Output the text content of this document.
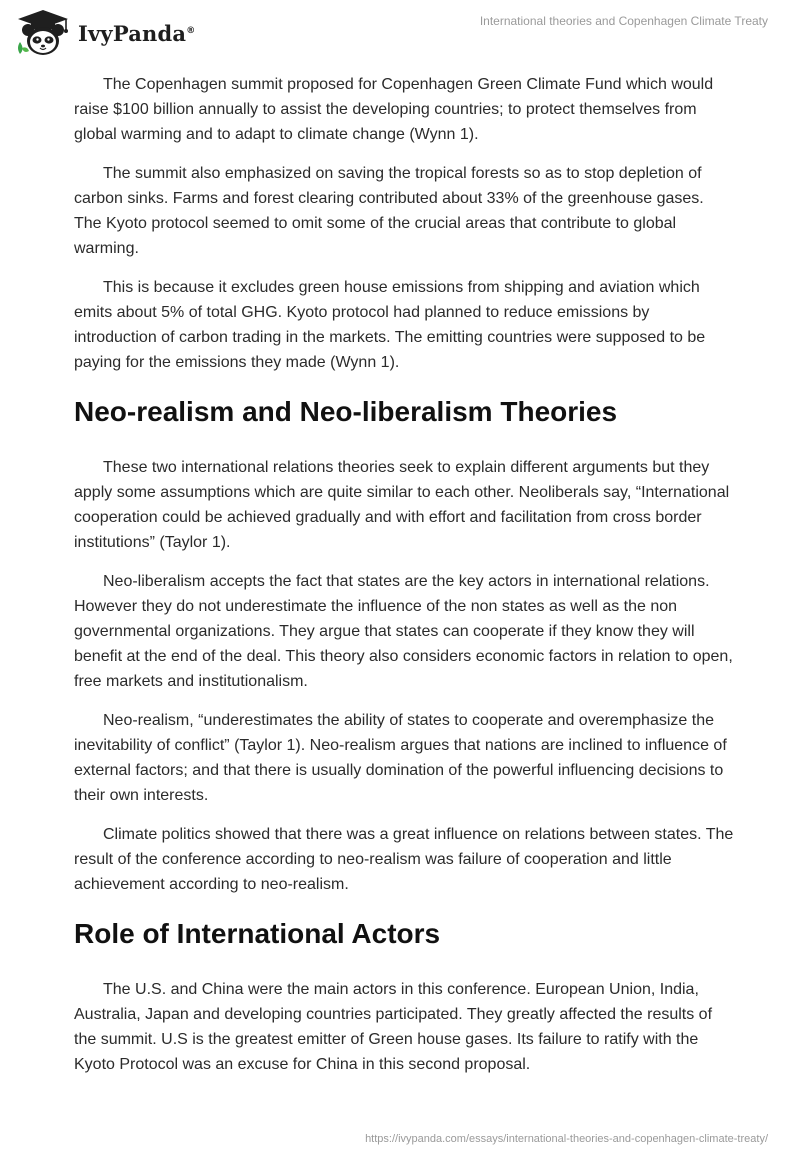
IvyPanda®
International theories and Copenhagen Climate Treaty

The Copenhagen summit proposed for Copenhagen Green Climate Fund which would raise $100 billion annually to assist the developing countries; to protect themselves from global warming and to adapt to climate change (Wynn 1).

The summit also emphasized on saving the tropical forests so as to stop depletion of carbon sinks. Farms and forest clearing contributed about 33% of the greenhouse gases. The Kyoto protocol seemed to omit some of the crucial areas that contribute to global warming.

This is because it excludes green house emissions from shipping and aviation which emits about 5% of total GHG. Kyoto protocol had planned to reduce emissions by introduction of carbon trading in the markets. The emitting countries were supposed to be paying for the emissions they made (Wynn 1).

Neo-realism and Neo-liberalism Theories

These two international relations theories seek to explain different arguments but they apply some assumptions which are quite similar to each other. Neoliberals say, “International cooperation could be achieved gradually and with effort and facilitation from cross border institutions” (Taylor 1).

Neo-liberalism accepts the fact that states are the key actors in international relations. However they do not underestimate the influence of the non states as well as the non governmental organizations. They argue that states can cooperate if they know they will benefit at the end of the deal. This theory also considers economic factors in relation to open, free markets and institutionalism.

Neo-realism, “underestimates the ability of states to cooperate and overemphasize the inevitability of conflict” (Taylor 1). Neo-realism argues that nations are inclined to influence of external factors; and that there is usually domination of the powerful influencing decisions to their own interests.

Climate politics showed that there was a great influence on relations between states. The result of the conference according to neo-realism was failure of cooperation and little achievement according to neo-realism.

Role of International Actors

The U.S. and China were the main actors in this conference. European Union, India, Australia, Japan and developing countries participated. They greatly affected the results of the summit. U.S is the greatest emitter of Green house gases. Its failure to ratify with the Kyoto Protocol was an excuse for China in this second proposal.

https://ivypanda.com/essays/international-theories-and-copenhagen-climate-treaty/
